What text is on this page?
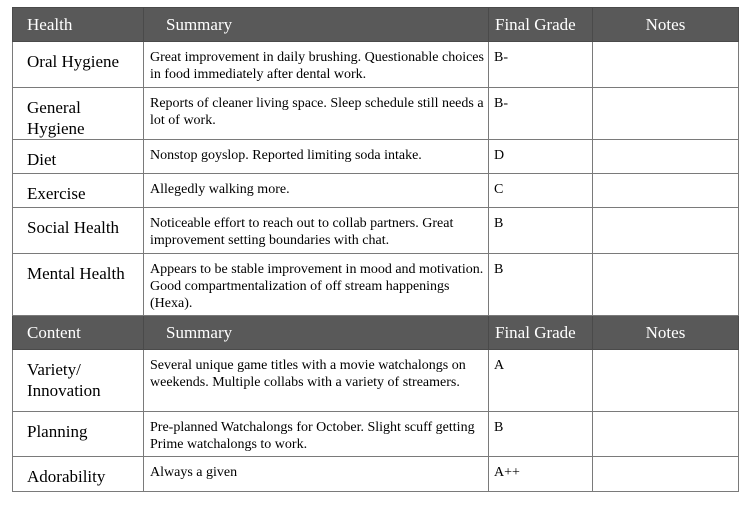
Health	Summary	Final Grade	Notes
Oral Hygiene	Great improvement in daily brushing. Questionable choices in food immediately after dental work.	B-	
General Hygiene	Reports of cleaner living space. Sleep schedule still needs a lot of work.	B-	
Diet	Nonstop goyslop. Reported limiting soda intake.	D	
Exercise	Allegedly walking more.	C	
Social Health	Noticeable effort to reach out to collab partners. Great improvement setting boundaries with chat.	B	
Mental Health	Appears to be stable improvement in mood and motivation. Good compartmentalization of off stream happenings (Hexa).	B	
Content	Summary	Final Grade	Notes
Variety/ Innovation	Several unique game titles with a movie watchalongs on weekends. Multiple collabs with a variety of streamers.	A	
Planning	Pre-planned Watchalongs for October. Slight scuff getting Prime watchalongs to work.	B	
Adorability	Always a given	A++	
